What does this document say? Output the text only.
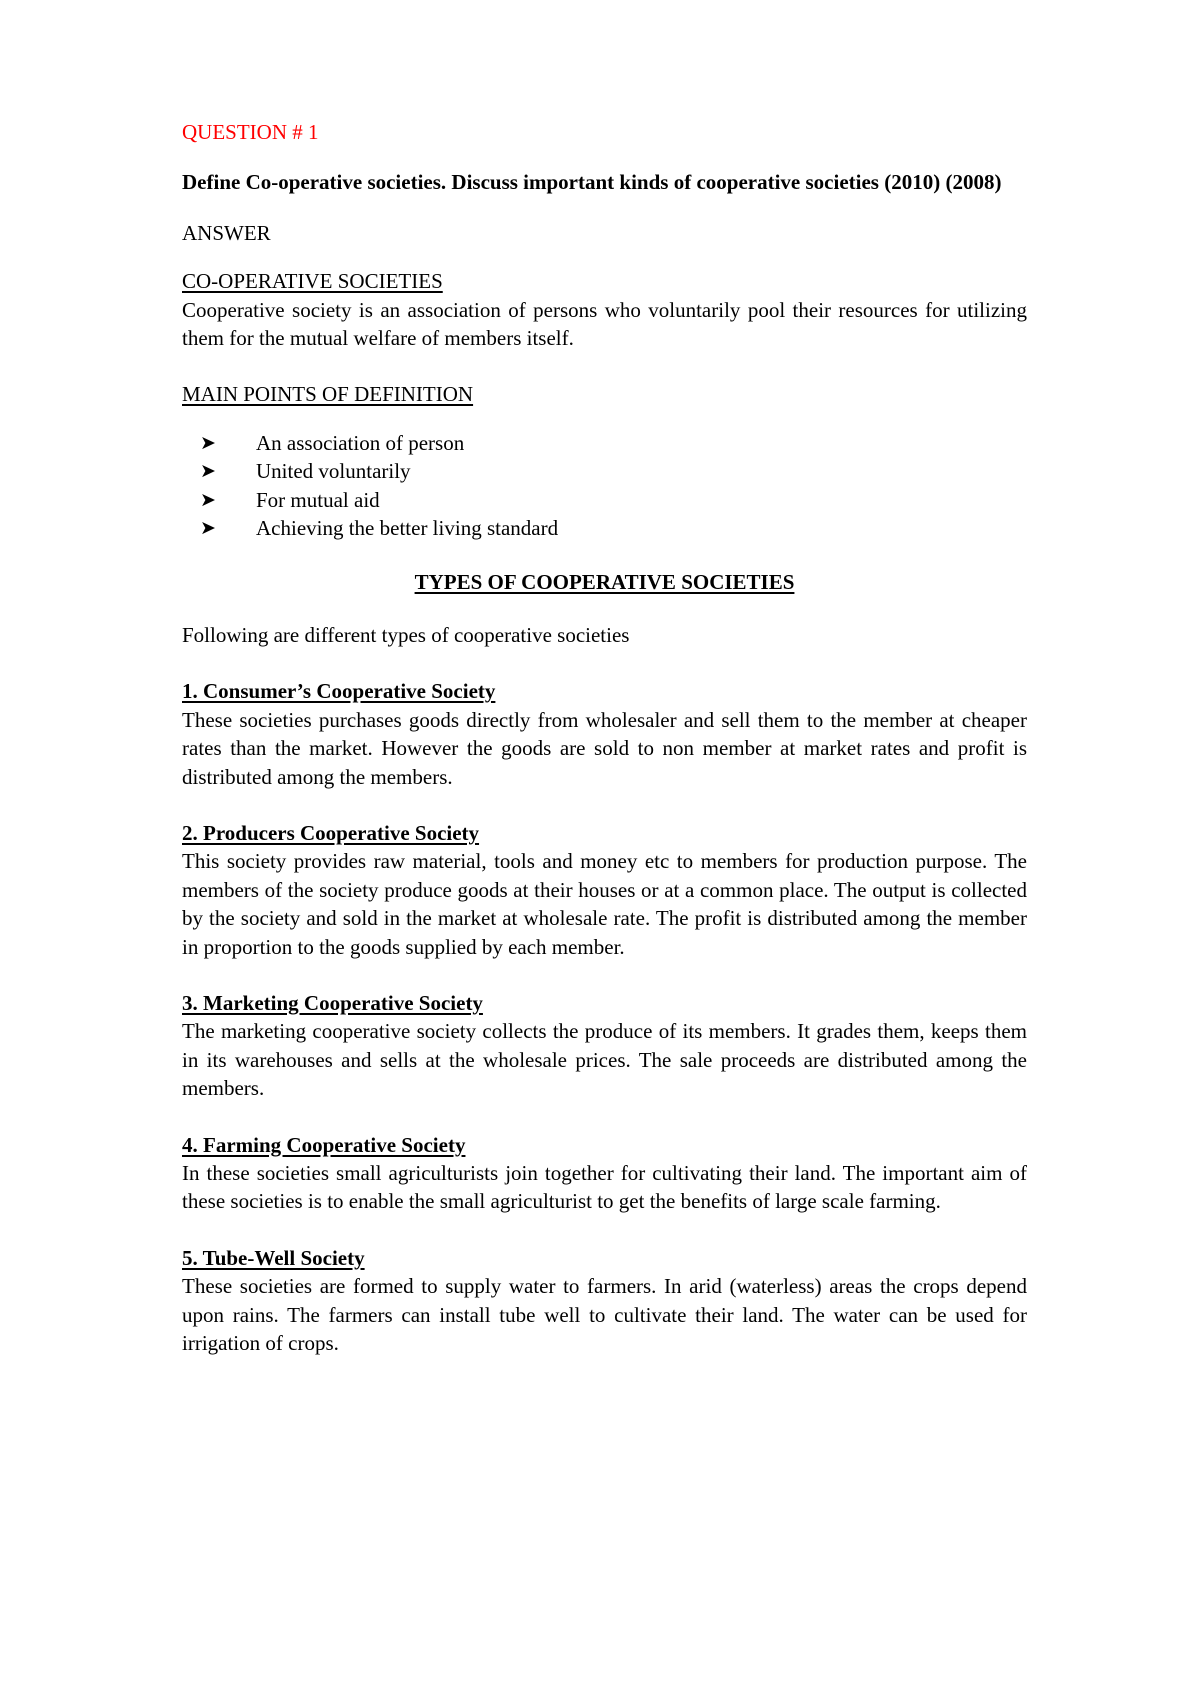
QUESTION # 1

Define Co-operative societies. Discuss important kinds of cooperative societies (2010) (2008)

ANSWER

CO-OPERATIVE SOCIETIES

Cooperative society is an association of persons who voluntarily pool their resources for utilizing them for the mutual welfare of members itself.

MAIN POINTS OF DEFINITION

➤ An association of person
➤ United voluntarily
➤ For mutual aid
➤ Achieving the better living standard

TYPES OF COOPERATIVE SOCIETIES

Following are different types of cooperative societies

1. Consumer’s Cooperative Society

These societies purchases goods directly from wholesaler and sell them to the member at cheaper rates than the market. However the goods are sold to non member at market rates and profit is distributed among the members.

2. Producers Cooperative Society

This society provides raw material, tools and money etc to members for production purpose. The members of the society produce goods at their houses or at a common place. The output is collected by the society and sold in the market at wholesale rate. The profit is distributed among the member in proportion to the goods supplied by each member.

3. Marketing Cooperative Society

The marketing cooperative society collects the produce of its members. It grades them, keeps them in its warehouses and sells at the wholesale prices. The sale proceeds are distributed among the members.

4. Farming Cooperative Society

In these societies small agriculturists join together for cultivating their land. The important aim of these societies is to enable the small agriculturist to get the benefits of large scale farming.

5. Tube-Well Society

These societies are formed to supply water to farmers. In arid (waterless) areas the crops depend upon rains. The farmers can install tube well to cultivate their land. The water can be used for irrigation of crops.
